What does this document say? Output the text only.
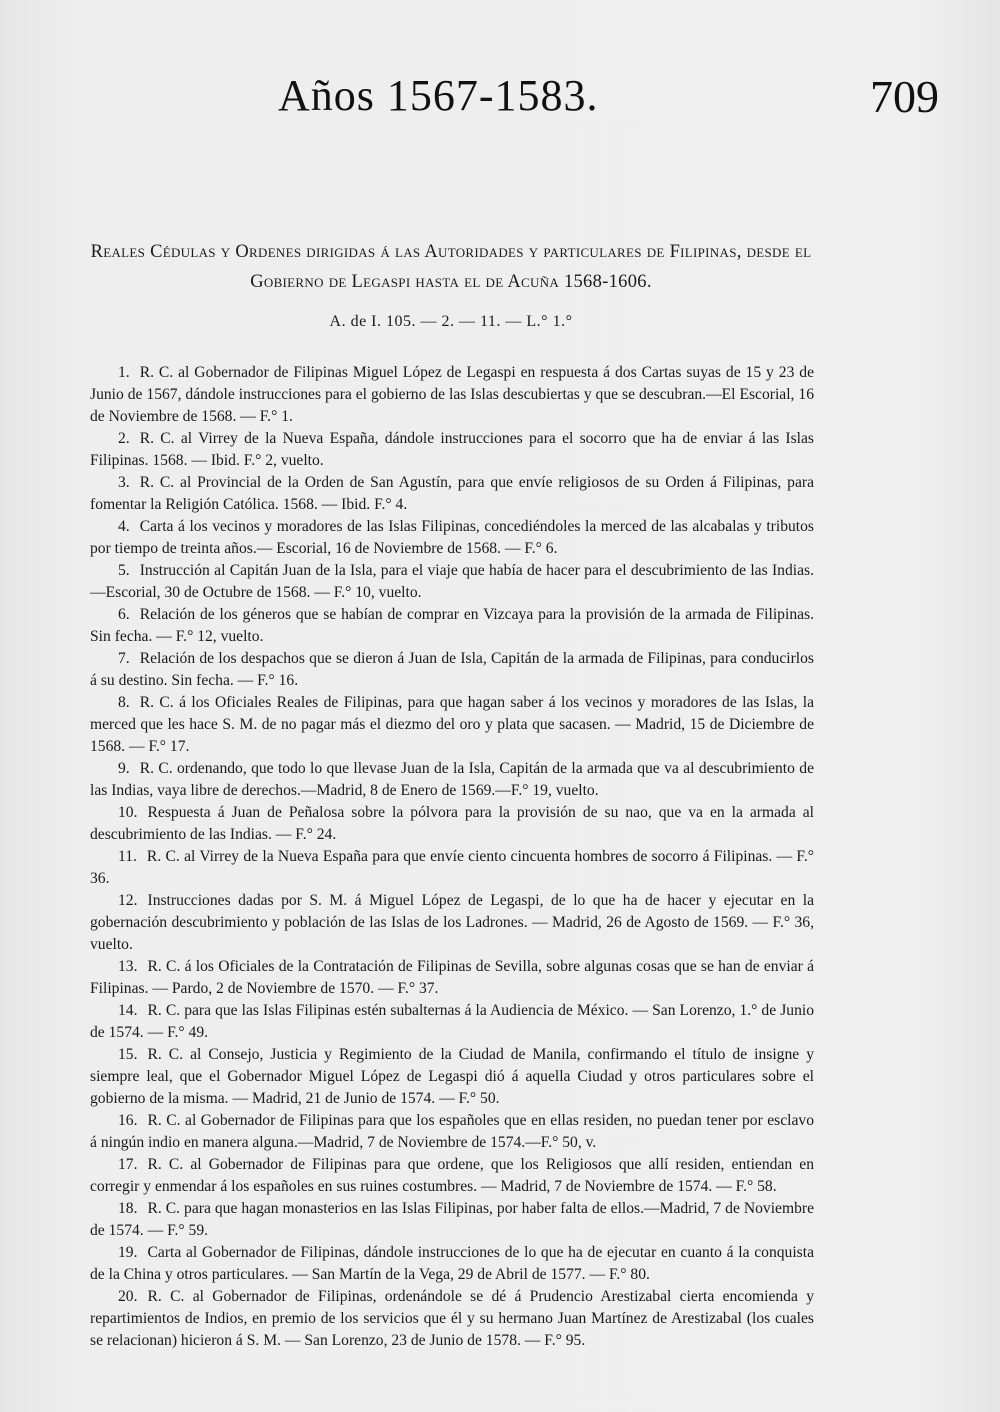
Años 1567-1583.	709
Reales Cédulas y Ordenes dirigidas á las Autoridades y particulares de Filipinas, desde el Gobierno de Legaspi hasta el de Acuña 1568-1606.
A. de I. 105. — 2. — 11. — L.° 1.°

1. R. C. al Gobernador de Filipinas Miguel López de Legaspi en respuesta á dos Cartas suyas de 15 y 23 de Junio de 1567, dándole instrucciones para el gobierno de las Islas descubiertas y que se descubran.—El Escorial, 16 de Noviembre de 1568. — F.° 1.

2. R. C. al Virrey de la Nueva España, dándole instrucciones para el socorro que ha de enviar á las Islas Filipinas. 1568. — Ibid. F.° 2, vuelto.

3. R. C. al Provincial de la Orden de San Agustín, para que envíe religiosos de su Orden á Filipinas, para fomentar la Religión Católica. 1568. — Ibid. F.° 4.

4. Carta á los vecinos y moradores de las Islas Filipinas, concediéndoles la merced de las alcabalas y tributos por tiempo de treinta años.— Escorial, 16 de Noviembre de 1568. — F.° 6.

5. Instrucción al Capitán Juan de la Isla, para el viaje que había de hacer para el descubrimiento de las Indias.—Escorial, 30 de Octubre de 1568. — F.° 10, vuelto.

6. Relación de los géneros que se habían de comprar en Vizcaya para la provisión de la armada de Filipinas. Sin fecha. — F.° 12, vuelto.

7. Relación de los despachos que se dieron á Juan de Isla, Capitán de la armada de Filipinas, para conducirlos á su destino. Sin fecha. — F.° 16.

8. R. C. á los Oficiales Reales de Filipinas, para que hagan saber á los vecinos y moradores de las Islas, la merced que les hace S. M. de no pagar más el diezmo del oro y plata que sacasen. — Madrid, 15 de Diciembre de 1568. — F.° 17.

9. R. C. ordenando, que todo lo que llevase Juan de la Isla, Capitán de la armada que va al descubrimiento de las Indias, vaya libre de derechos.—Madrid, 8 de Enero de 1569.—F.° 19, vuelto.

10. Respuesta á Juan de Peñalosa sobre la pólvora para la provisión de su nao, que va en la armada al descubrimiento de las Indias. — F.° 24.

11. R. C. al Virrey de la Nueva España para que envíe ciento cincuenta hombres de socorro á Filipinas. — F.° 36.

12. Instrucciones dadas por S. M. á Miguel López de Legaspi, de lo que ha de hacer y ejecutar en la gobernación descubrimiento y población de las Islas de los Ladrones. — Madrid, 26 de Agosto de 1569. — F.° 36, vuelto.

13. R. C. á los Oficiales de la Contratación de Filipinas de Sevilla, sobre algunas cosas que se han de enviar á Filipinas. — Pardo, 2 de Noviembre de 1570. — F.° 37.

14. R. C. para que las Islas Filipinas estén subalternas á la Audiencia de México. — San Lorenzo, 1.° de Junio de 1574. — F.° 49.

15. R. C. al Consejo, Justicia y Regimiento de la Ciudad de Manila, confirmando el título de insigne y siempre leal, que el Gobernador Miguel López de Legaspi dió á aquella Ciudad y otros particulares sobre el gobierno de la misma. — Madrid, 21 de Junio de 1574. — F.° 50.

16. R. C. al Gobernador de Filipinas para que los españoles que en ellas residen, no puedan tener por esclavo á ningún indio en manera alguna.—Madrid, 7 de Noviembre de 1574.—F.° 50, v.

17. R. C. al Gobernador de Filipinas para que ordene, que los Religiosos que allí residen, entiendan en corregir y enmendar á los españoles en sus ruines costumbres. — Madrid, 7 de Noviembre de 1574. — F.° 58.

18. R. C. para que hagan monasterios en las Islas Filipinas, por haber falta de ellos.—Madrid, 7 de Noviembre de 1574. — F.° 59.

19. Carta al Gobernador de Filipinas, dándole instrucciones de lo que ha de ejecutar en cuanto á la conquista de la China y otros particulares. — San Martín de la Vega, 29 de Abril de 1577. — F.° 80.

20. R. C. al Gobernador de Filipinas, ordenándole se dé á Prudencio Arestizabal cierta encomienda y repartimientos de Indios, en premio de los servicios que él y su hermano Juan Martínez de Arestizabal (los cuales se relacionan) hicieron á S. M. — San Lorenzo, 23 de Junio de 1578. — F.° 95.
